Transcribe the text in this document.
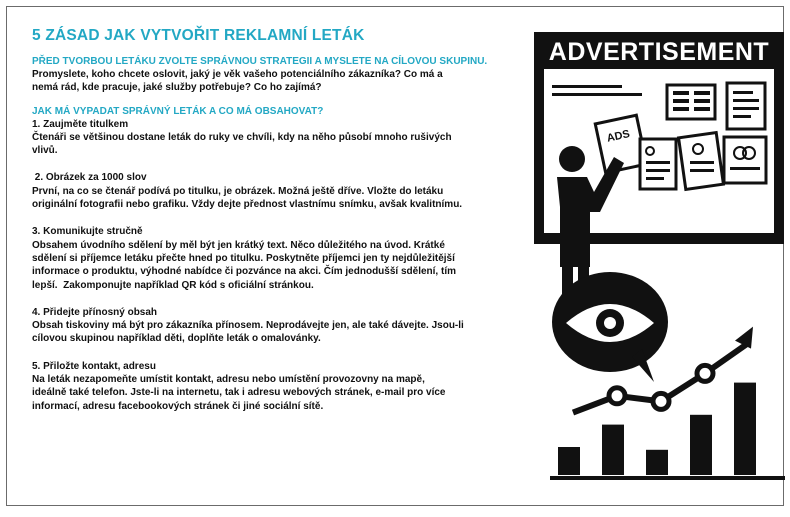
5 ZÁSAD JAK VYTVOŘIT REKLAMNÍ LETÁK
PŘED TVORBOU LETÁKU ZVOLTE SPRÁVNOU STRATEGII A MYSLETE NA CÍLOVOU SKUPINU.
Promyslete, koho chcete oslovit, jaký je věk vašeho potenciálního zákazníka? Co má a
nemá rád, kde pracuje, jaké služby potřebuje? Co ho zajímá?
JAK MÁ VYPADAT SPRÁVNÝ LETÁK A CO MÁ OBSAHOVAT?
1. Zaujměte titulkem
Čtenáři se většinou dostane leták do ruky ve chvíli, kdy na něho působí mnoho rušivých
vlivů.
2. Obrázek za 1000 slov
První, na co se čtenář podívá po titulku, je obrázek. Možná ještě dříve. Vložte do letáku
originální fotografii nebo grafiku. Vždy dejte přednost vlastnímu snímku, avšak kvalitnímu.
3. Komunikujte stručně
Obsahem úvodního sdělení by měl být jen krátký text. Něco důležitého na úvod. Krátké
sdělení si příjemce letáku přečte hned po titulku. Poskytněte příjemci jen ty nejdůležitější
informace o produktu, výhodné nabídce či pozvánce na akci. Čím jednodušší sdělení, tím
lepší.  Zakomponujte například QR kód s oficiální stránkou.
4. Přidejte přínosný obsah
Obsah tiskoviny má být pro zákazníka přínosem. Neprodávejte jen, ale také dávejte. Jsou-li
cílovou skupinou například děti, doplňte leták o omalovánky.
5. Přiložte kontakt, adresu
Na leták nezapomeňte umístit kontakt, adresu nebo umístění provozovny na mapě,
ideálně také telefon. Jste-li na internetu, tak i adresu webových stránek, e-mail pro více
informací, adresu facebookových stránek či jiné sociální sítě.
ADVERTISEMENT
ADS
